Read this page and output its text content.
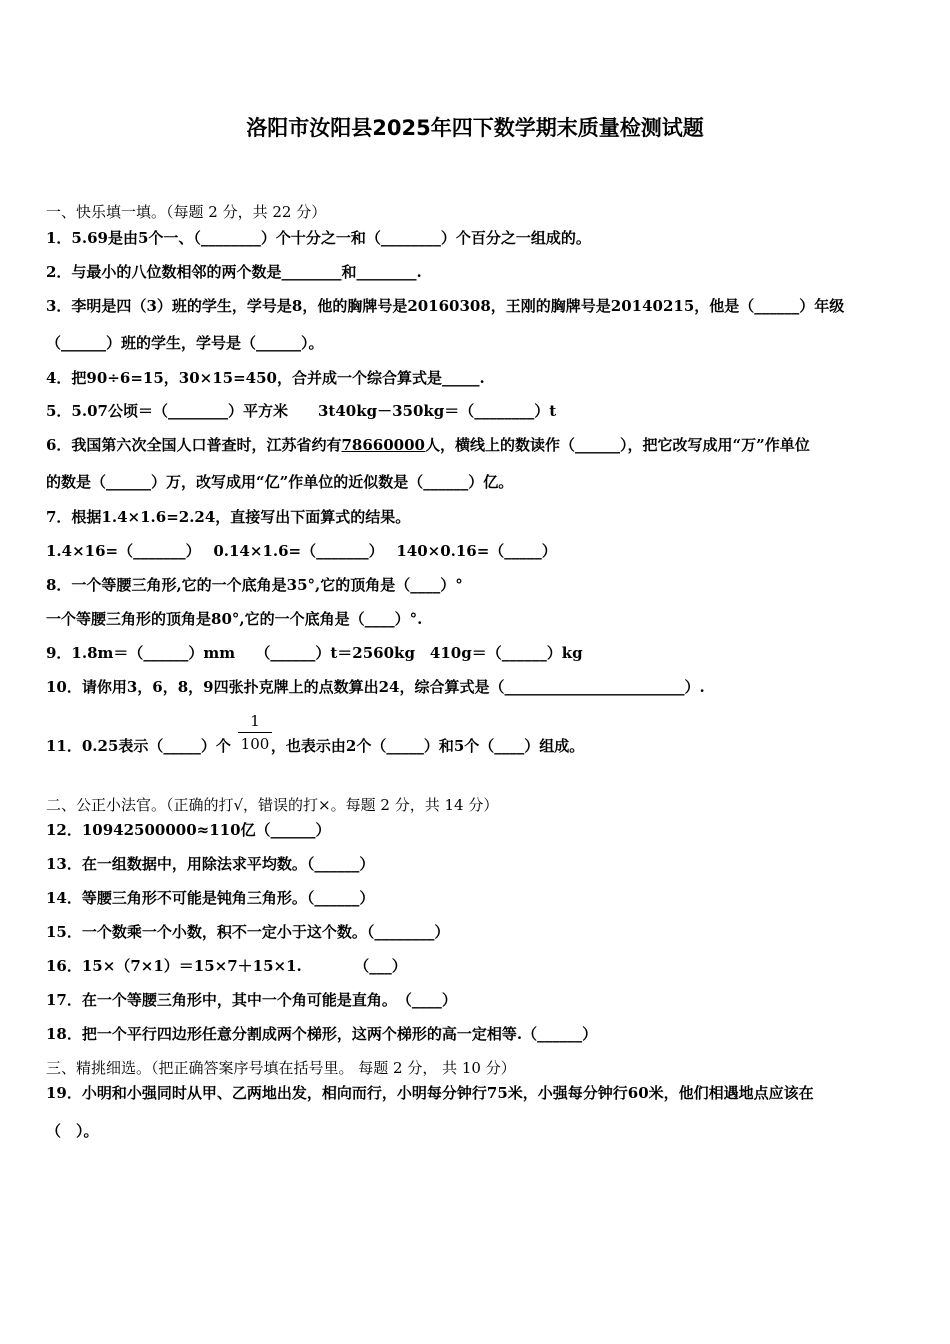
洛阳市汝阳县2025年四下数学期末质量检测试题
一、快乐填一填。（每题 2 分，共 22 分）
1．5.69是由5个一、（________）个十分之一和（________）个百分之一组成的。
2．与最小的八位数相邻的两个数是________和________.
3．李明是四（3）班的学生，学号是8，他的胸牌号是20160308，王刚的胸牌号是20140215，他是（______）年级
（______）班的学生，学号是（______）。
4．把90÷6=15，30×15=450，合并成一个综合算式是_____.
5．5.07公顷＝（________）平方米　　3t40kg－350kg＝（________）t
6．我国第六次全国人口普查时，江苏省约有78660000人，横线上的数读作（______），把它改写成用“万”作单位
的数是（______）万，改写成用“亿”作单位的近似数是（______）亿。
7．根据1.4×1.6=2.24，直接写出下面算式的结果。
1.4×16=（_______）　 0.14×1.6=（_______）　 140×0.16=（_____）
8．一个等腰三角形,它的一个底角是35°,它的顶角是（____）°
一个等腰三角形的顶角是80°,它的一个底角是（____）°.
9．1.8m＝（______）mm　 （______）t＝2560kg　410g＝（______）kg
10．请你用3，6，8，9四张扑克牌上的点数算出24，综合算式是（________________________）.
11．0.25表示（_____）个	，也表示由2个（_____）和5个（____）组成。
1
100
二、公正小法官。（正确的打√，错误的打×。每题 2 分，共 14 分）
12．10942500000≈110亿（______）
13．在一组数据中，用除法求平均数。（______）
14．等腰三角形不可能是钝角三角形。（______）
15．一个数乘一个小数，积不一定小于这个数。（________）
16．15×（7×1）＝15×7＋15×1.　　　　（___）
17．在一个等腰三角形中，其中一个角可能是直角。　（____）
18．把一个平行四边形任意分割成两个梯形，这两个梯形的高一定相等.（______）
三、精挑细选。（把正确答案序号填在括号里。 每题 2 分， 共 10 分）
19．小明和小强同时从甲、乙两地出发，相向而行，小明每分钟行75米，小强每分钟行60米，他们相遇地点应该在
（　）。
